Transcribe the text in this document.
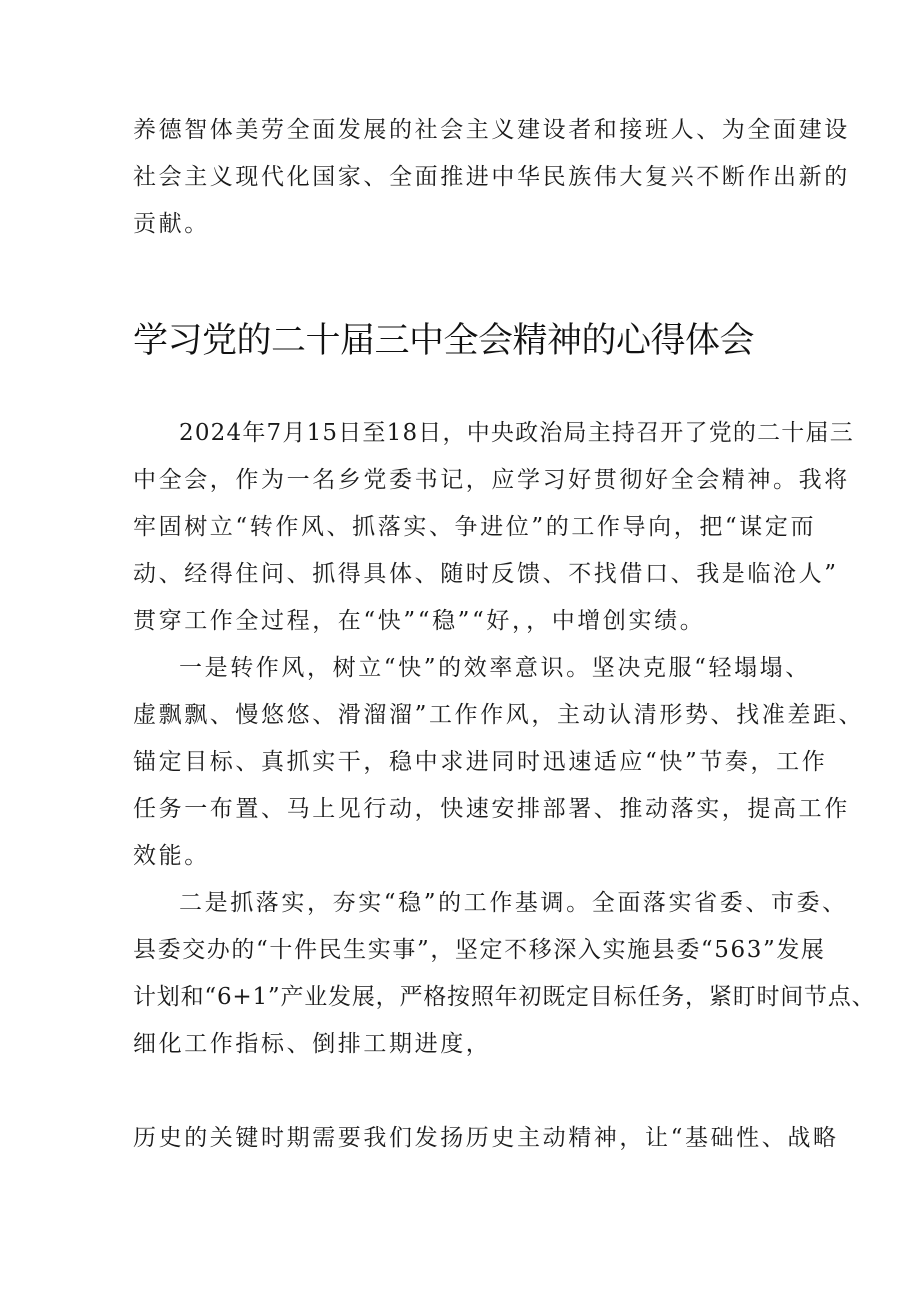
养德智体美劳全面发展的社会主义建设者和接班人、为全面建设
社会主义现代化国家、全面推进中华民族伟大复兴不断作出新的
贡献。
学习党的二十届三中全会精神的心得体会
2024年7月15日至18日，中央政治局主持召开了党的二十届三
中全会，作为一名乡党委书记，应学习好贯彻好全会精神。我将
牢固树立“转作风、抓落实、争进位”的工作导向，把“谋定而
动、经得住问、抓得具体、随时反馈、不找借口、我是临沧人”
贯穿工作全过程，在“快”“稳”“好，，中增创实绩。
一是转作风，树立“快”的效率意识。坚决克服“轻塌塌、
虚飘飘、慢悠悠、滑溜溜”工作作风，主动认清形势、找准差距、
锚定目标、真抓实干，稳中求进同时迅速适应“快”节奏，工作
任务一布置、马上见行动，快速安排部署、推动落实，提高工作
效能。
二是抓落实，夯实“稳”的工作基调。全面落实省委、市委、
县委交办的“十件民生实事”，坚定不移深入实施县委“563”发展
计划和“6+1”产业发展，严格按照年初既定目标任务，紧盯时间节点、
细化工作指标、倒排工期进度，
历史的关键时期需要我们发扬历史主动精神，让“基础性、战略
